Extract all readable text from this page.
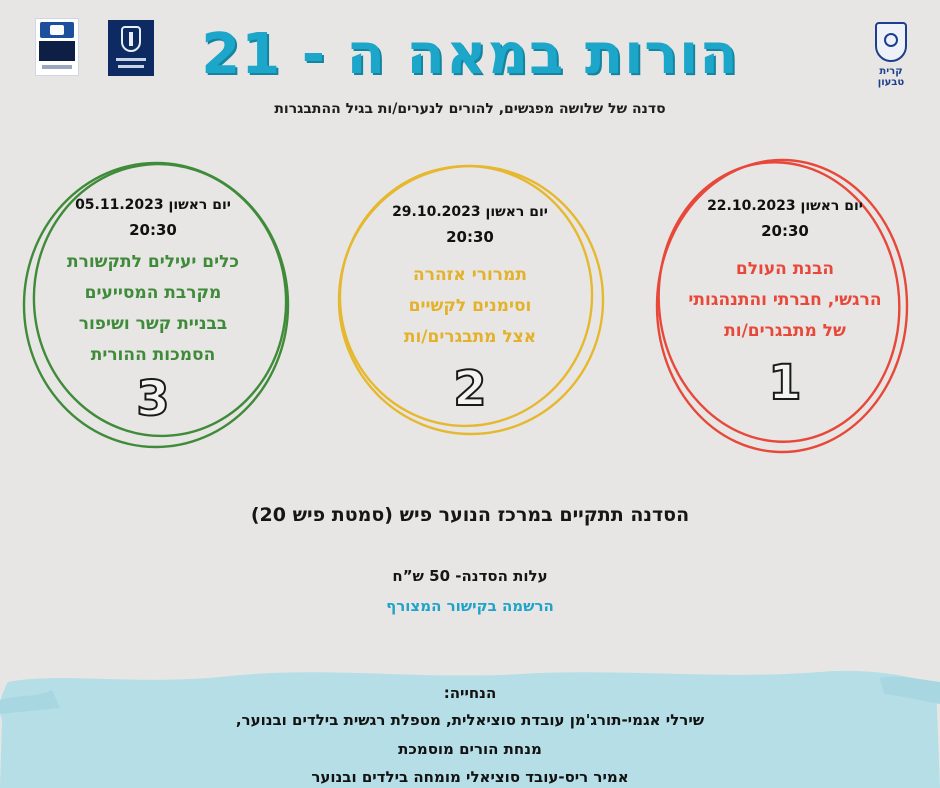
קרית טבעון
הורות במאה ה - 21
סדנה של שלושה מפגשים, להורים לנערים/ות בגיל ההתבגרות
יום ראשון 22.10.2023
20:30
הבנת העולם
הרגשי, חברתי והתנהגותי
של מתבגרים/ות
1
יום ראשון 29.10.2023
20:30
תמרורי אזהרה
וסימנים לקשיים
אצל מתבגרים/ות
2
יום ראשון 05.11.2023
20:30
כלים יעילים לתקשורת
מקרבת המסייעים
בבניית קשר ושיפור
הסמכות ההורית
3
הסדנה תתקיים במרכז הנוער פיש (סמטת פיש 20)
עלות הסדנה- 50 ש”ח
הרשמה בקישור המצורף
הנחייה:
שירלי אגמי-תורג'מן עובדת סוציאלית, מטפלת רגשית בילדים ובנוער,
מנחת הורים מוסמכת
אמיר ריס-עובד סוציאלי מומחה בילדים ובנוער
